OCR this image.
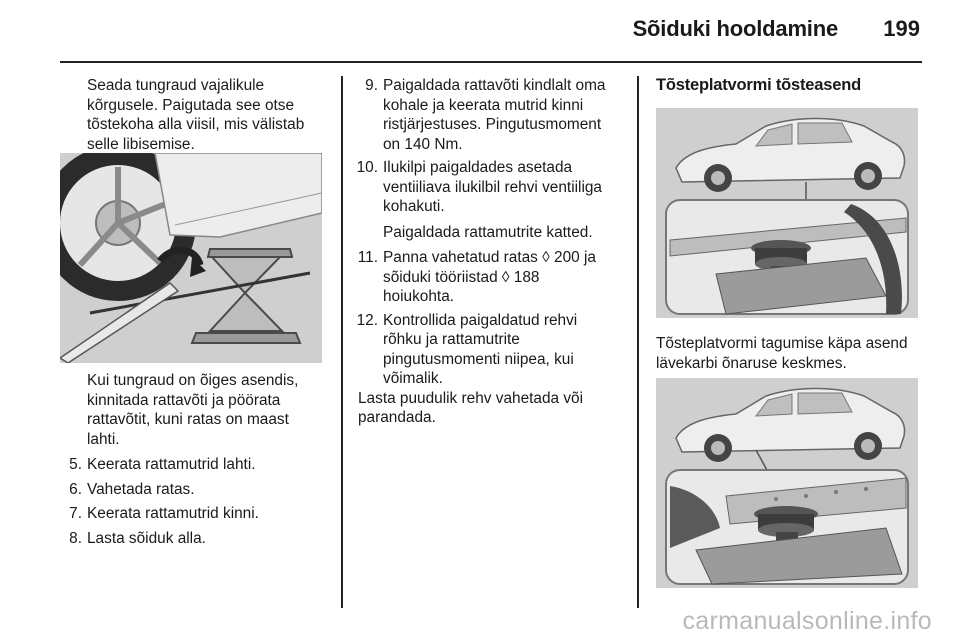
Sõiduki hooldamine 199

Seada tungraud vajalikule

kõrgusele. Paigutada see otse

tõstekoha alla viisil, mis välistab

selle libisemise.

Kui tungraud on õiges asendis,

kinnitada rattavõti ja pöörata

rattavõtit, kuni ratas on maast

lahti.

5. Keerata rattamutrid lahti.

6. Vahetada ratas.

7. Keerata rattamutrid kinni.

8. Lasta sõiduk alla.

9. Paigaldada rattavõti kindlalt oma

kohale ja keerata mutrid kinni

ristjärjestuses. Pingutusmoment

on 140 Nm.

10. Ilukilpi paigaldades asetada

ventiiliava ilukilbil rehvi ventiiliga

kohakuti.

Paigaldada rattamutrite katted.

11. Panna vahetatud ratas ◊ 200 ja

sõiduki tööriistad ◊ 188

hoiukohta.

12. Kontrollida paigaldatud rehvi

rõhku ja rattamutrite

pingutusmomenti niipea, kui

võimalik.

Lasta puudulik rehv vahetada või

parandada.

Tõsteplatvormi tõsteasend

Tõsteplatvormi tagumise käpa asend

lävekarbi õnaruse keskmes.

carmanualsonline.info
